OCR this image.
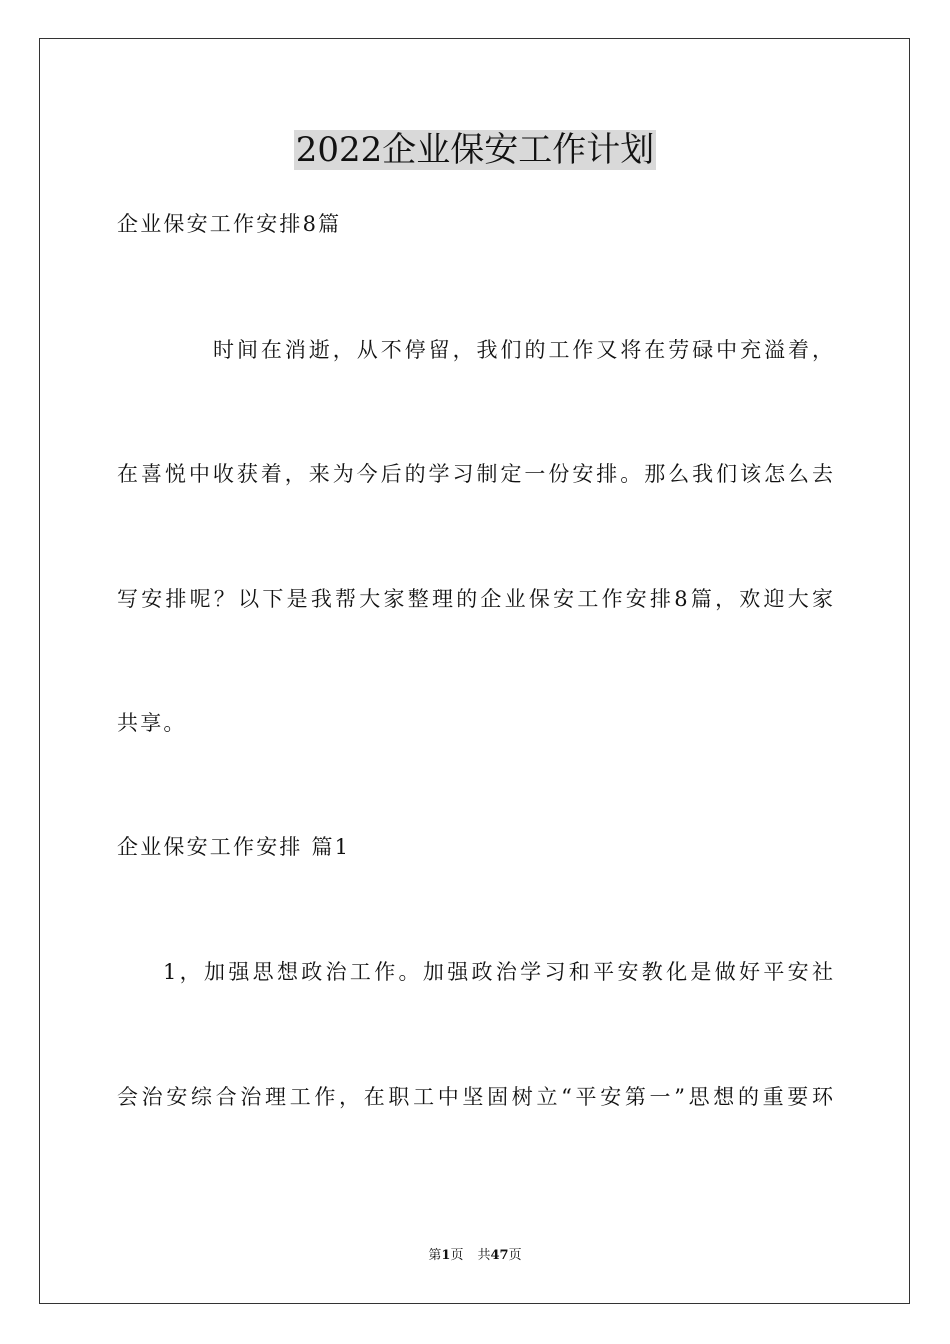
2022企业保安工作计划

企业保安工作安排8篇

时间在消逝，从不停留，我们的工作又将在劳碌中充溢着，

在喜悦中收获着，来为今后的学习制定一份安排。那么我们该怎么去

写安排呢？以下是我帮大家整理的企业保安工作安排8篇，欢迎大家

共享。

企业保安工作安排 篇1

1，加强思想政治工作。加强政治学习和平安教化是做好平安社

会治安综合治理工作，在职工中坚固树立“平安第一”思想的重要环

第1页 共47页
